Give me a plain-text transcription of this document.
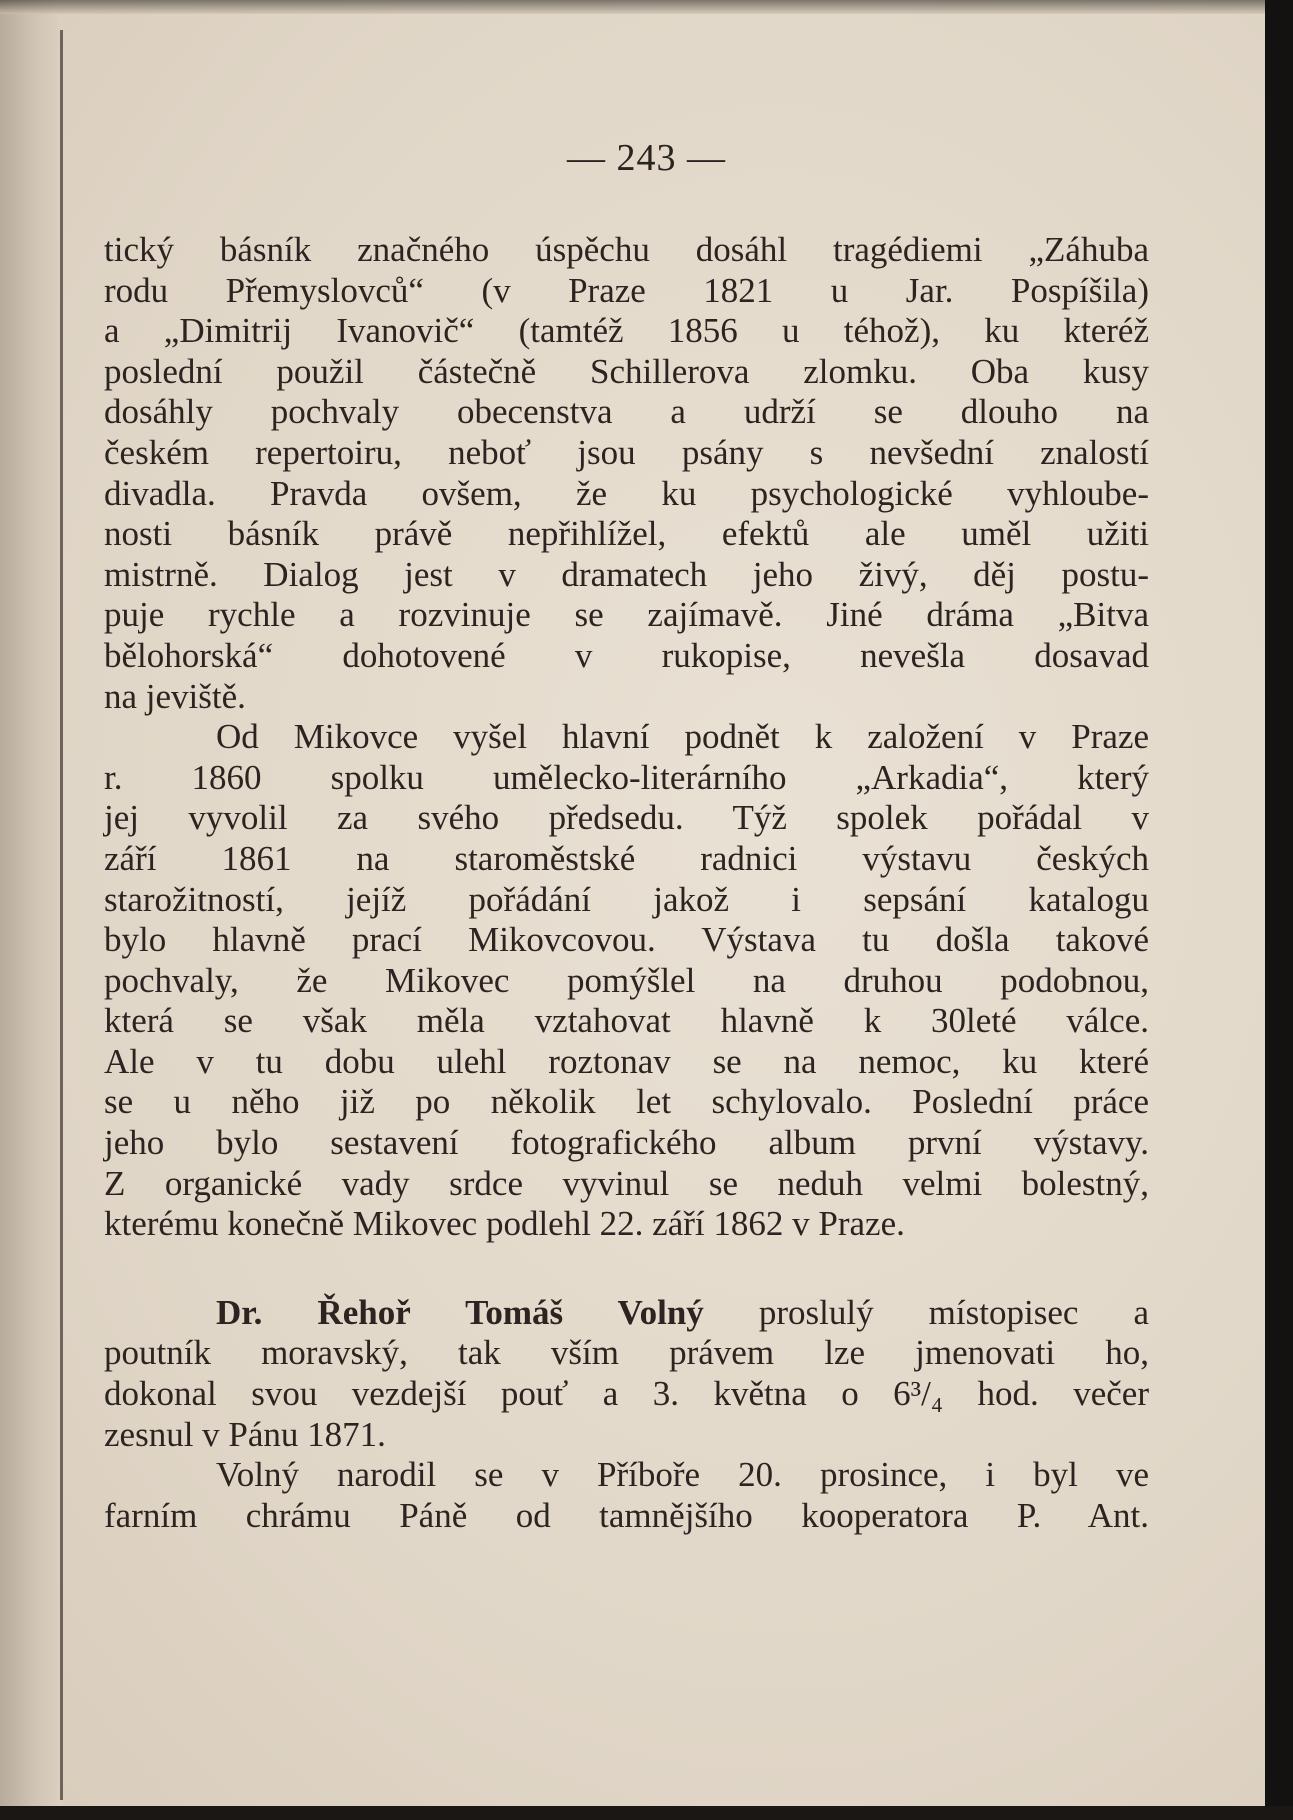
— 243 —
tický básník značného úspěchu dosáhl tragédiemi „Záhuba
rodu Přemyslovců“ (v Praze 1821 u Jar. Pospíšila)
a „Dimitrij Ivanovič“ (tamtéž 1856 u téhož), ku kteréž
poslední použil částečně Schillerova zlomku. Oba kusy
dosáhly pochvaly obecenstva a udrží se dlouho na
českém repertoiru, neboť jsou psány s nevšední znalostí
divadla. Pravda ovšem, že ku psychologické vyhloube-
nosti básník právě nepřihlížel, efektů ale uměl užiti
mistrně. Dialog jest v dramatech jeho živý, děj postu-
puje rychle a rozvinuje se zajímavě. Jiné dráma „Bitva
bělohorská“ dohotovené v rukopise, nevešla dosavad
na jeviště.
Od Mikovce vyšel hlavní podnět k založení v Praze
r. 1860 spolku umělecko-literárního „Arkadia“, který
jej vyvolil za svého předsedu. Týž spolek pořádal v
září 1861 na staroměstské radnici výstavu českých
starožitností, jejíž pořádání jakož i sepsání katalogu
bylo hlavně prací Mikovcovou. Výstava tu došla takové
pochvaly, že Mikovec pomýšlel na druhou podobnou,
která se však měla vztahovat hlavně k 30leté válce.
Ale v tu dobu ulehl roztonav se na nemoc, ku které
se u něho již po několik let schylovalo. Poslední práce
jeho bylo sestavení fotografického album první výstavy.
Z organické vady srdce vyvinul se neduh velmi bolestný,
kterému konečně Mikovec podlehl 22. září 1862 v Praze.
Dr. Řehoř Tomáš Volný proslulý místopisec a
poutník moravský, tak vším právem lze jmenovati ho,
dokonal svou vezdejší pouť a 3. května o 6³/₄ hod. večer
zesnul v Pánu 1871.
Volný narodil se v Příboře 20. prosince, i byl ve
farním chrámu Páně od tamnějšího kooperatora P. Ant.
